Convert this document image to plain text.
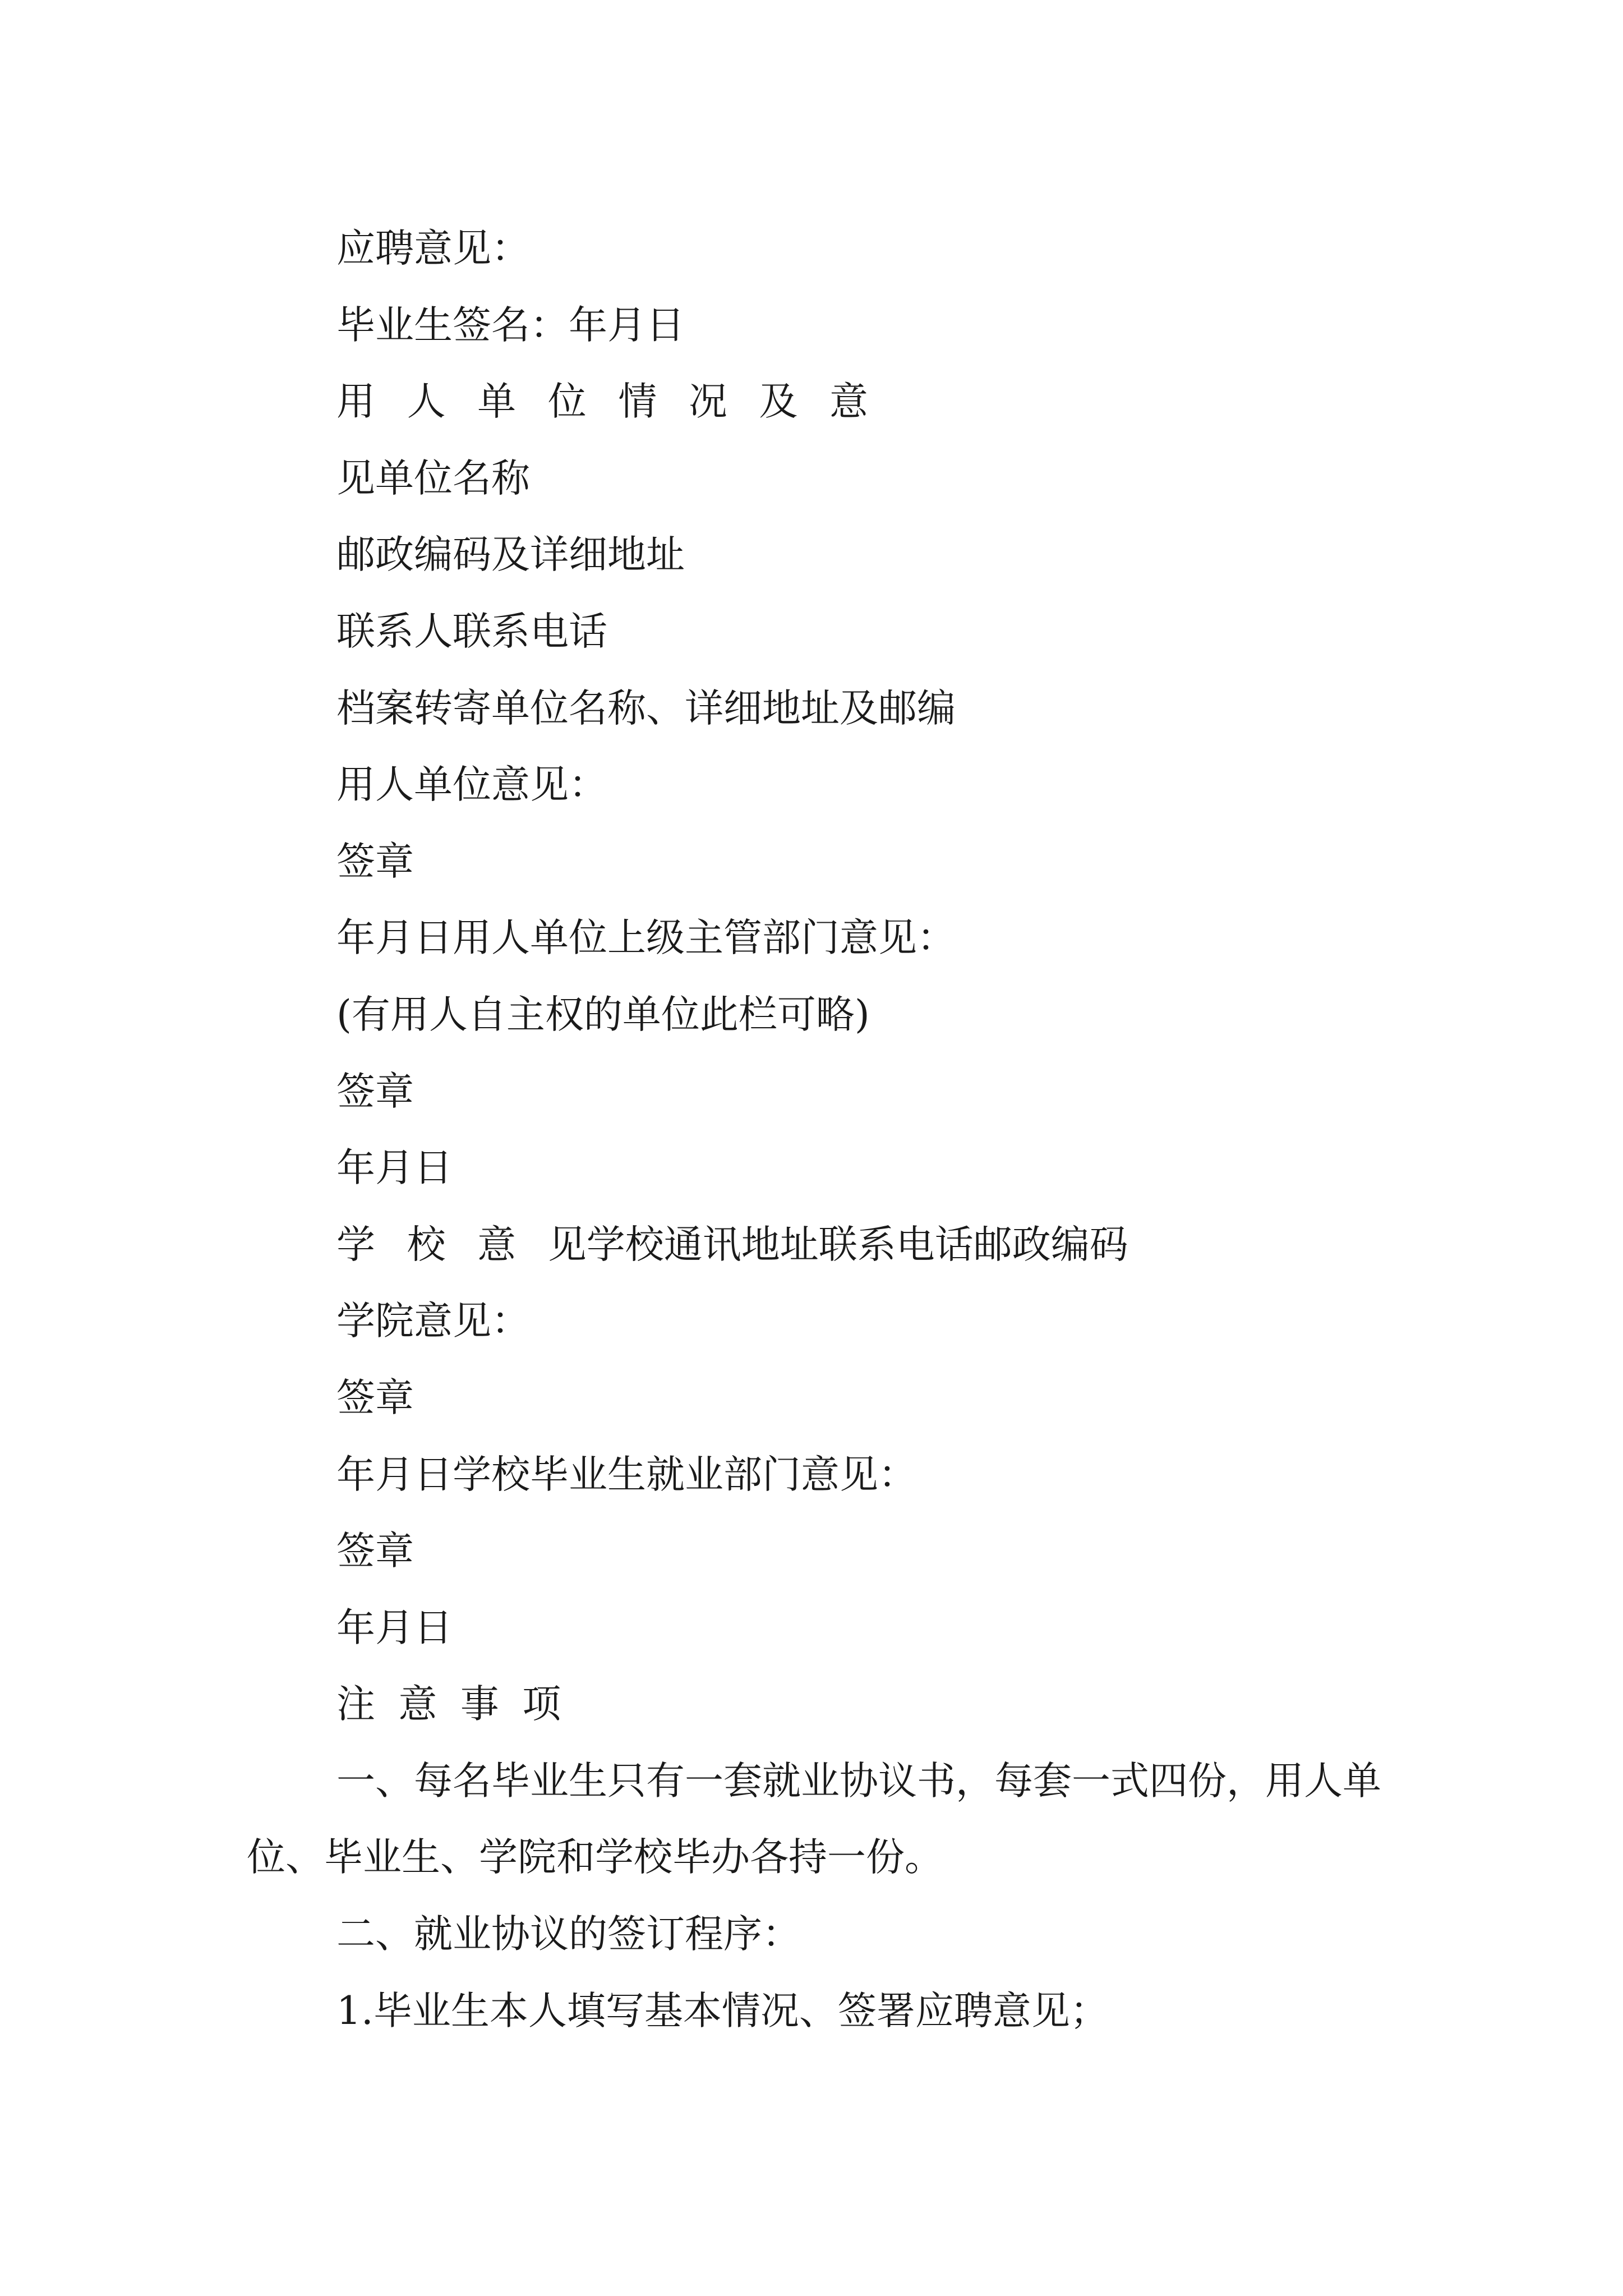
应聘意见：

毕业生签名：年月日

用人单位情况及意

见单位名称

邮政编码及详细地址

联系人联系电话

档案转寄单位名称、详细地址及邮编

用人单位意见：

签章

年月日用人单位上级主管部门意见：

(有用人自主权的单位此栏可略)

签章

年月日

学校意见学校通讯地址联系电话邮政编码

学院意见：

签章

年月日学校毕业生就业部门意见：

签章

年月日

注意事项

一、每名毕业生只有一套就业协议书，每套一式四份，用人单位、毕业生、学院和学校毕办各持一份。

二、就业协议的签订程序：

1.毕业生本人填写基本情况、签署应聘意见；
